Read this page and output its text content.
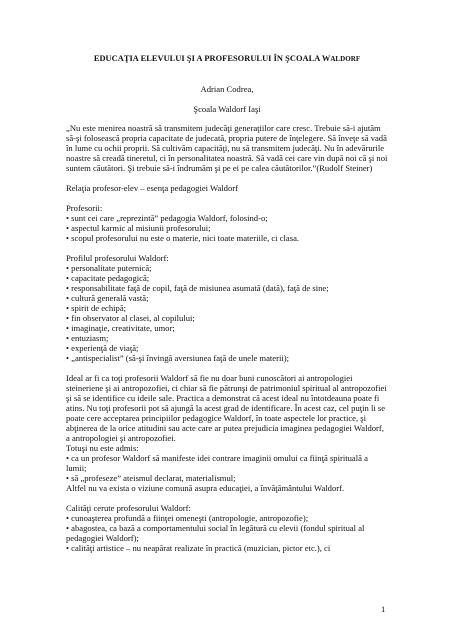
EDUCAŢIA ELEVULUI ŞI A PROFESORULUI ÎN ŞCOALA WALDORF
Adrian Codrea,
Şcoala Waldorf Iaşi

„Nu este menirea noastră să transmitem judecăţi generaţiilor care cresc. Trebuie să-i ajutăm să-şi folosească propria capacitate de judecată, propria putere de înţelegere. Să înveţe să vadă în lume cu ochii proprii. Să cultivăm capacităţi, nu să transmitem judecăţi. Nu în adevărurile noastre să creadă tineretul, ci în personalitatea noastră. Să vadă cei care vin după noi că şi noi suntem căutători. Şi trebuie să-i îndrumăm şi pe ei pe calea căutătorilor.”(Rudolf Steiner)

Relaţia profesor-elev – esenţa pedagogiei Waldorf

Profesorii:

• sunt cei care „reprezintă” pedagogia Waldorf, folosind-o;
• aspectul karmic al misiunii profesorului;
• scopul profesorului nu este o materie, nici toate materiile, ci clasa.

Profilul profesorului Waldorf:

• personalitate puternică;
• capacitate pedagogică;
• responsabilitate faţă de copil, faţă de misiunea asumată (dată), faţă de sine;
• cultură generală vastă;
• spirit de echipă;
• fin observator al clasei, al copilului;
• imaginaţie, creativitate, umor;
• entuziasm;
• experienţă de viaţă;
• „antispecialist” (să-şi învingă aversiunea faţă de unele materii);

Ideal ar fi ca toţi profesorii Waldorf să fie nu doar buni cunoscători ai antropologiei steineriene şi ai antropozofiei, ci chiar să fie pătrunşi de patrimoniul spiritual al antropozofiei şi să se identifice cu ideile sale. Practica a demonstrat că acest ideal nu întotdeauna poate fi atins. Nu toţi profesorii pot să ajungă la acest grad de identificare. În acest caz, cel puţin li se poate cere acceptarea principiilor pedagogice Waldorf, în toate aspectele lor practice, şi abţinerea de la orice atitudini sau acte care ar putea prejudicia imaginea pedagogiei Waldorf, a antropologiei şi antropozofiei.

Totuşi nu este admis:

• ca un profesor Waldorf să manifeste idei contrare imaginii omului ca fiinţă spirituală a lumii;
• să „profeseze” ateismul declarat, materialismul;

Altfel nu va exista o viziune comună asupra educaţiei, a învăţământului Waldorf.

Calităţi cerute profesorului Waldorf:

• cunoaşterea profundă a fiinţei omeneşti (antropologie, antropozofie);
• abagostea, ca bază a comportamentului social în legătură cu elevii (fondul spiritual al pedagogiei Waldorf);
• calităţi artistice – nu neapărat realizate în practică (muzician, pictor etc.), ci
1
